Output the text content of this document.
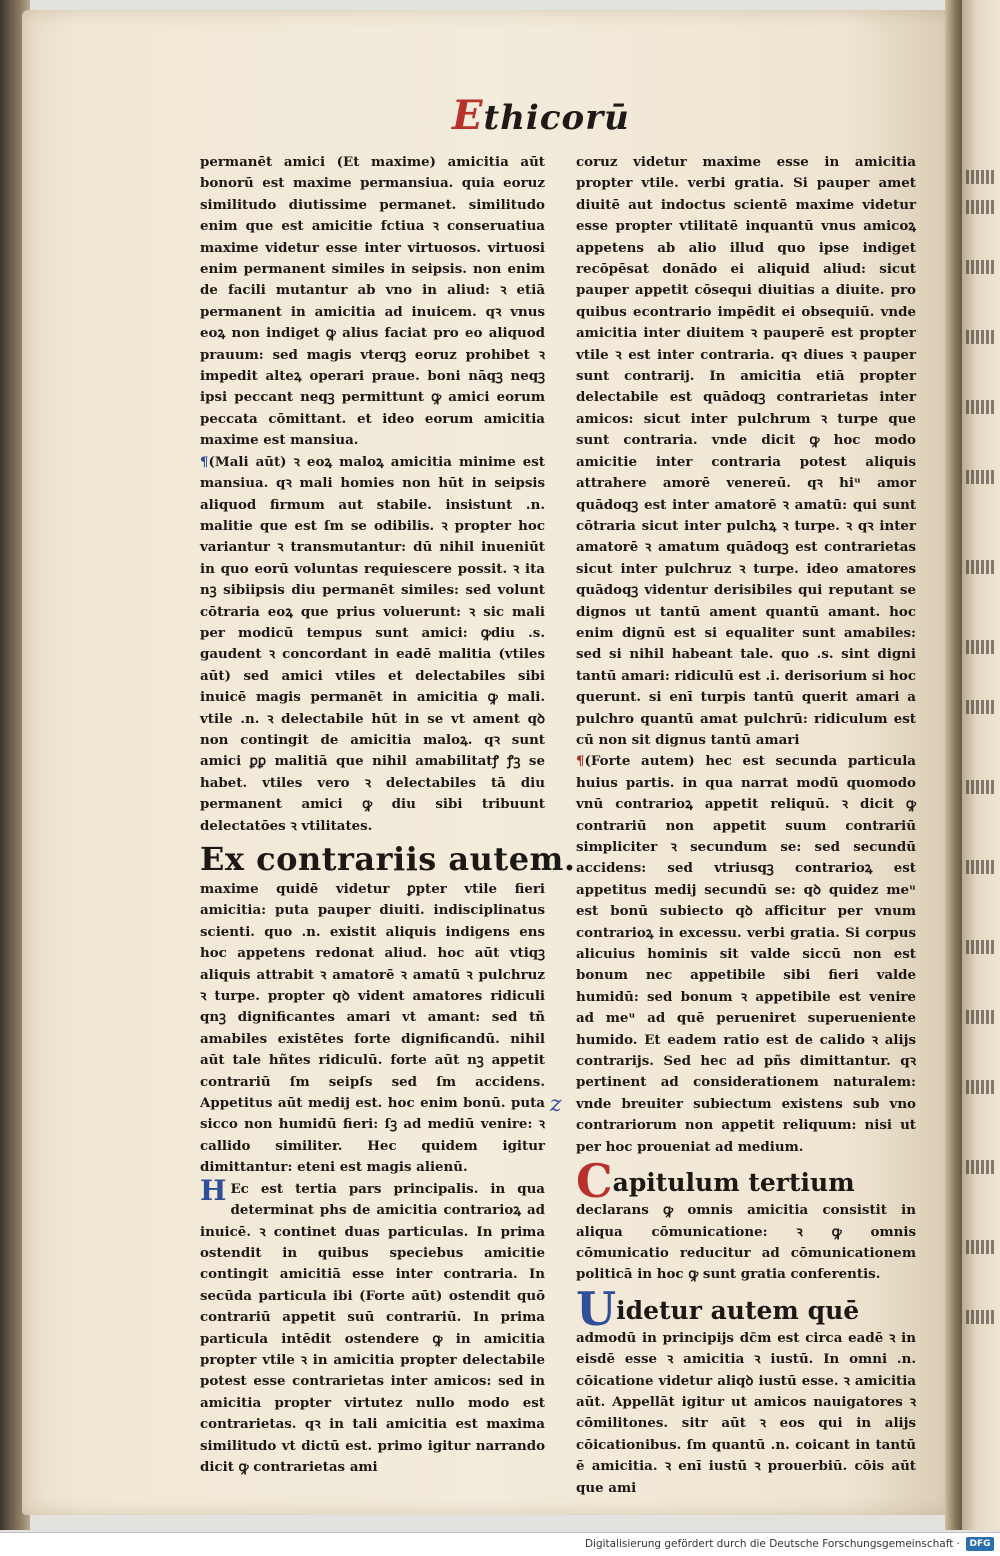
Ethicorū

permanēt amici (Et maxime) amicitia aūt bonorū est maxime permansiua. quia eoruz similitudo diutissime permanet. similitudo enim que est amicitie fctiua ꝛ conseruatiua maxime videtur esse inter virtuosos. virtuosi enim permanent similes in seipsis. non enim de facili mutantur ab vno in aliud: ꝛ etiā permanent in amicitia ad inuicem. qꝛ vnus eoꝝ non indiget ꝙ alius faciat pro eo aliquod prauum: sed magis vterqꝫ eoruz prohibet ꝛ impedit alteꝝ operari praue. boni nāqꝫ neqꝫ ipsi peccant neqꝫ permittunt ꝙ amici eorum peccata cōmittant. et ideo eorum amicitia maxime est mansiua.

¶(Mali aūt) ꝛ eoꝝ maloꝝ amicitia minime est mansiua. qꝛ mali homies non hūt in seipsis aliquod firmum aut stabile. insistunt .n. malitie que est ſm se odibilis. ꝛ propter hoc variantur ꝛ transmutantur: dū nihil inueniūt in quo eorū voluntas requiescere possit. ꝛ ita nꝫ sibiipsis diu permanēt similes: sed volunt cōtraria eoꝝ que prius voluerunt: ꝛ sic mali per modicū tempus sunt amici: ꝙdiu .s. gaudent ꝛ concordant in eadē malitia (vtiles aūt) sed amici vtiles et delectabiles sibi inuicē magis permanēt in amicitia ꝙ mali. vtile .n. ꝛ delectabile hūt in se vt ament qꝺ non contingit de amicitia maloꝝ. qꝛ sunt amici ꝑꝑ malitiā que nihil amabilitatꝭ ꝭꝫ se habet. vtiles vero ꝛ delectabiles tā diu permanent amici ꝙ diu sibi tribuunt delectatōes ꝛ vtilitates.

Ex contrariis autem.

maxime quidē videtur ꝑpter vtile fieri amicitia: puta pauper diuiti. indisciplinatus scienti. quo .n. existit aliquis indigens ens hoc appetens redonat aliud. hoc aūt vtiqꝫ aliquis attrabit ꝛ amatorē ꝛ amatū ꝛ pulchruz ꝛ turpe. propter qꝺ vident amatores ridiculi qnꝫ dignificantes amari vt amant: sed tñ amabiles existētes forte dignificandū. nihil aūt tale hñtes ridiculū. forte aūt nꝫ appetit contrariū ſm seipſs sed ſm accidens. Appetitus aūt medij est. hoc enim bonū. puta sicco non humidū fieri: ſꝫ ad mediū venire: ꝛ callido similiter. Hec quidem igitur dimittantur: eteni est magis alienū.

H Ec est tertia pars principalis. in qua determinat phs de amicitia contrarioꝝ ad inuicē. ꝛ continet duas particulas. In prima ostendit in quibus speciebus amicitie contingit amicitiā esse inter contraria. In secūda particula ibi (Forte aūt) ostendit quō contrariū appetit suū contrariū. In prima particula intēdit ostendere ꝙ in amicitia propter vtile ꝛ in amicitia propter delectabile potest esse contrarietas inter amicos: sed in amicitia propter virtutez nullo modo est contrarietas. qꝛ in tali amicitia est maxima similitudo vt dictū est. primo igitur narrando dicit ꝙ contrarietas ami

coruz videtur maxime esse in amicitia propter vtile. verbi gratia. Si pauper amet diuitē aut indoctus scientē maxime videtur esse propter vtilitatē inquantū vnus amicoꝝ appetens ab alio illud quo ipse indiget recōpēsat donādo ei aliquid aliud: sicut pauper appetit cōsequi diuitias a diuite. pro quibus econtrario impēdit ei obsequiū. vnde amicitia inter diuitem ꝛ pauperē est propter vtile ꝛ est inter contraria. qꝛ diues ꝛ pauper sunt contrarij. In amicitia etiā propter delectabile est quādoqꝫ contrarietas inter amicos: sicut inter pulchrum ꝛ turpe que sunt contraria. vnde dicit ꝙ hoc modo amicitie inter contraria potest aliquis attrahere amorē venereū. qꝛ hiᵘ amor quādoqꝫ est inter amatorē ꝛ amatū: qui sunt cōtraria sicut inter pulchꝝ ꝛ turpe. ꝛ qꝛ inter amatorē ꝛ amatum quādoqꝫ est contrarietas sicut inter pulchruz ꝛ turpe. ideo amatores quādoqꝫ videntur derisibiles qui reputant se dignos ut tantū ament quantū amant. hoc enim dignū est si equaliter sunt amabiles: sed si nihil habeant tale. quo .s. sint digni tantū amari: ridiculū est .i. derisorium si hoc querunt. si enī turpis tantū querit amari a pulchro quantū amat pulchrū: ridiculum est cū non sit dignus tantū amari

¶(Forte autem) hec est secunda particula huius partis. in qua narrat modū quomodo vnū contrarioꝝ appetit reliquū. ꝛ dicit ꝙ contrariū non appetit suum contrariū simpliciter ꝛ secundum se: sed secundū accidens: sed vtriusqꝫ contrarioꝝ est appetitus medij secundū se: qꝺ quidez meᵘ est bonū subiecto qꝺ afficitur per vnum contrarioꝝ in excessu. verbi gratia. Si corpus alicuius hominis sit valde siccū non est bonum nec appetibile sibi fieri valde humidū: sed bonum ꝛ appetibile est venire ad meᵘ ad quē perueniret superueniente humido. Et eadem ratio est de calido ꝛ alijs contrarijs. Sed hec ad pñs dimittantur. qꝛ pertinent ad considerationem naturalem: vnde breuiter subiectum existens sub vno contrariorum non appetit reliquum: nisi ut per hoc proueniat ad medium.

Capitulum tertium

declarans ꝙ omnis amicitia consistit in aliqua cōmunicatione: ꝛ ꝙ omnis cōmunicatio reducitur ad cōmunicationem politicā in hoc ꝙ sunt gratia conferentis.

Uidetur autem quē

admodū in principijs dc̄m est circa eadē ꝛ in eisdē esse ꝛ amicitia ꝛ iustū. In omni .n. cōicatione videtur aliqꝺ iustū esse. ꝛ amicitia aūt. Appellāt igitur ut amicos nauigatores ꝛ cōmilitones. sitr aūt ꝛ eos qui in alijs cōicationibus. ſm quantū .n. coicant in tantū ē amicitia. ꝛ enī iustū ꝛ prouerbiū. cōis aūt que ami

z
Digitalisierung gefördert durch die Deutsche Forschungsgemeinschaft ·	DFG
